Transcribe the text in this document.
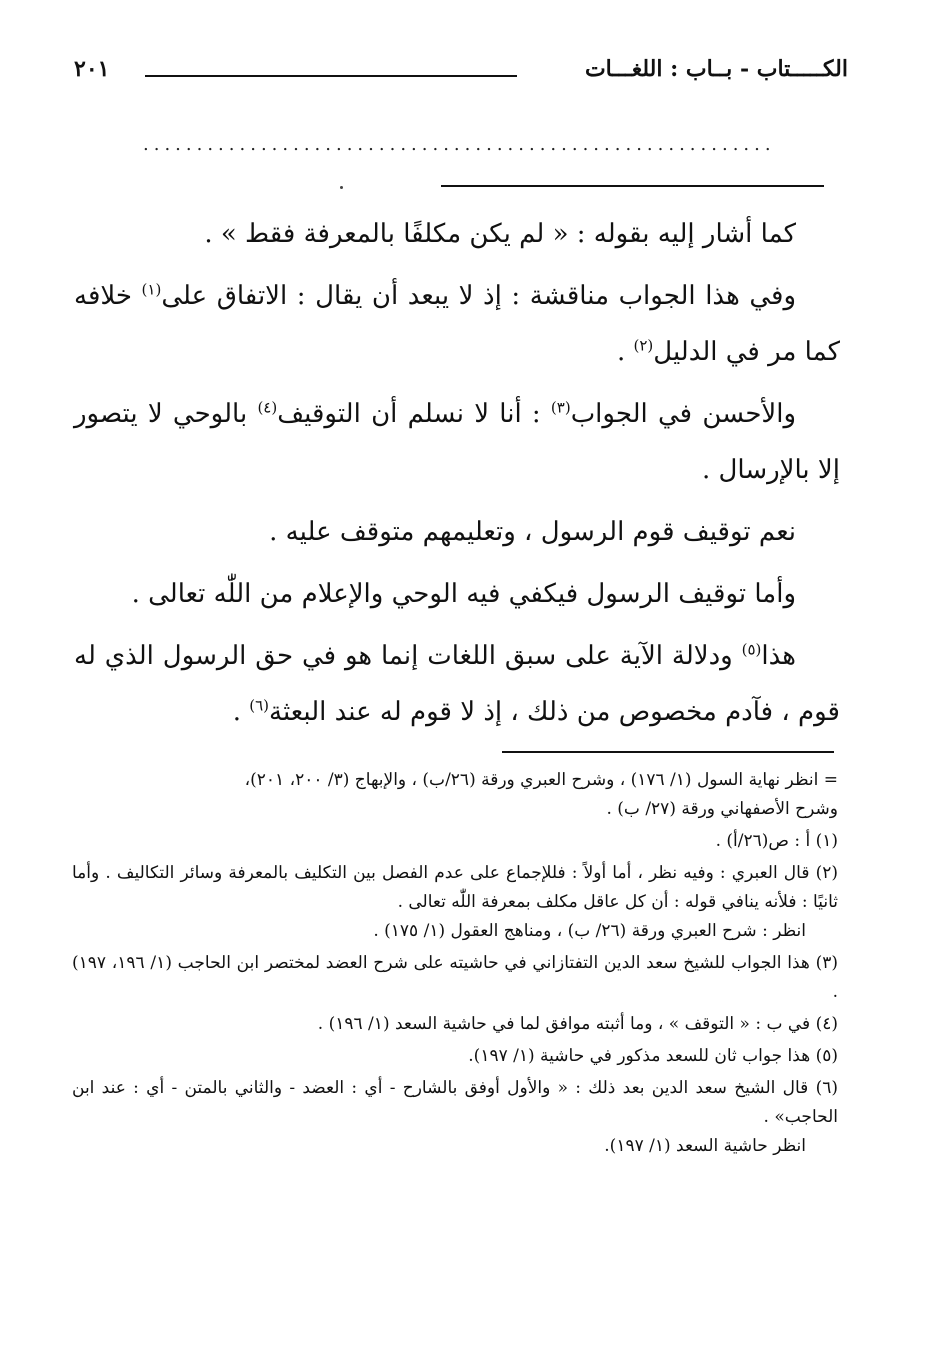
الكـــــتاب - بــاب : اللغـــات
٢٠١
...........................................................

كما أشار إليه بقوله : « لم يكن مكلفًا بالمعرفة فقط » .

وفي هذا الجواب مناقشة : إذ لا يبعد أن يقال : الاتفاق على$^{(١)}$ خلافه كما مر في الدليل$^{(٢)}$ .

والأحسن في الجواب$^{(٣)}$ : أنا لا نسلم أن التوقيف$^{(٤)}$ بالوحي لا يتصور إلا بالإرسال .

نعم توقيف قوم الرسول ، وتعليمهم متوقف عليه .

وأما توقيف الرسول فيكفي فيه الوحي والإعلام من اللّٰه تعالى .

هذا$^{(٥)}$ ودلالة الآية على سبق اللغات إنما هو في حق الرسول الذي له قوم ، فآدم مخصوص من ذلك ، إذ لا قوم له عند البعثة$^{(٦)}$ .

= انظر نهاية السول (١/ ١٧٦) ، وشرح العبري ورقة (٢٦/ب) ، والإبهاج (٣/ ٢٠٠، ٢٠١)،
وشرح الأصفهاني ورقة (٢٧/ ب) .
(١) أ : ص(٢٦/أ) .
(٢) قال العبري : وفيه نظر ، أما أولاً : فللإجماع على عدم الفصل بين التكليف بالمعرفة وسائر التكاليف . وأما ثانيًا : فلأنه ينافي قوله : أن كل عاقل مكلف بمعرفة اللّٰه تعالى .
انظر : شرح العبري ورقة (٢٦/ ب) ، ومناهج العقول (١/ ١٧٥) .
(٣) هذا الجواب للشيخ سعد الدين التفتازاني في حاشيته على شرح العضد لمختصر ابن الحاجب (١/ ١٩٦، ١٩٧) .
(٤) في ب : « التوقف » ، وما أثبته موافق لما في حاشية السعد (١/ ١٩٦) .
(٥) هذا جواب ثان للسعد مذكور في حاشية (١/ ١٩٧).
(٦) قال الشيخ سعد الدين بعد ذلك : « والأول أوفق بالشارح - أي : العضد - والثاني بالمتن - أي : عند ابن الحاجب» .
انظر حاشية السعد (١/ ١٩٧).
